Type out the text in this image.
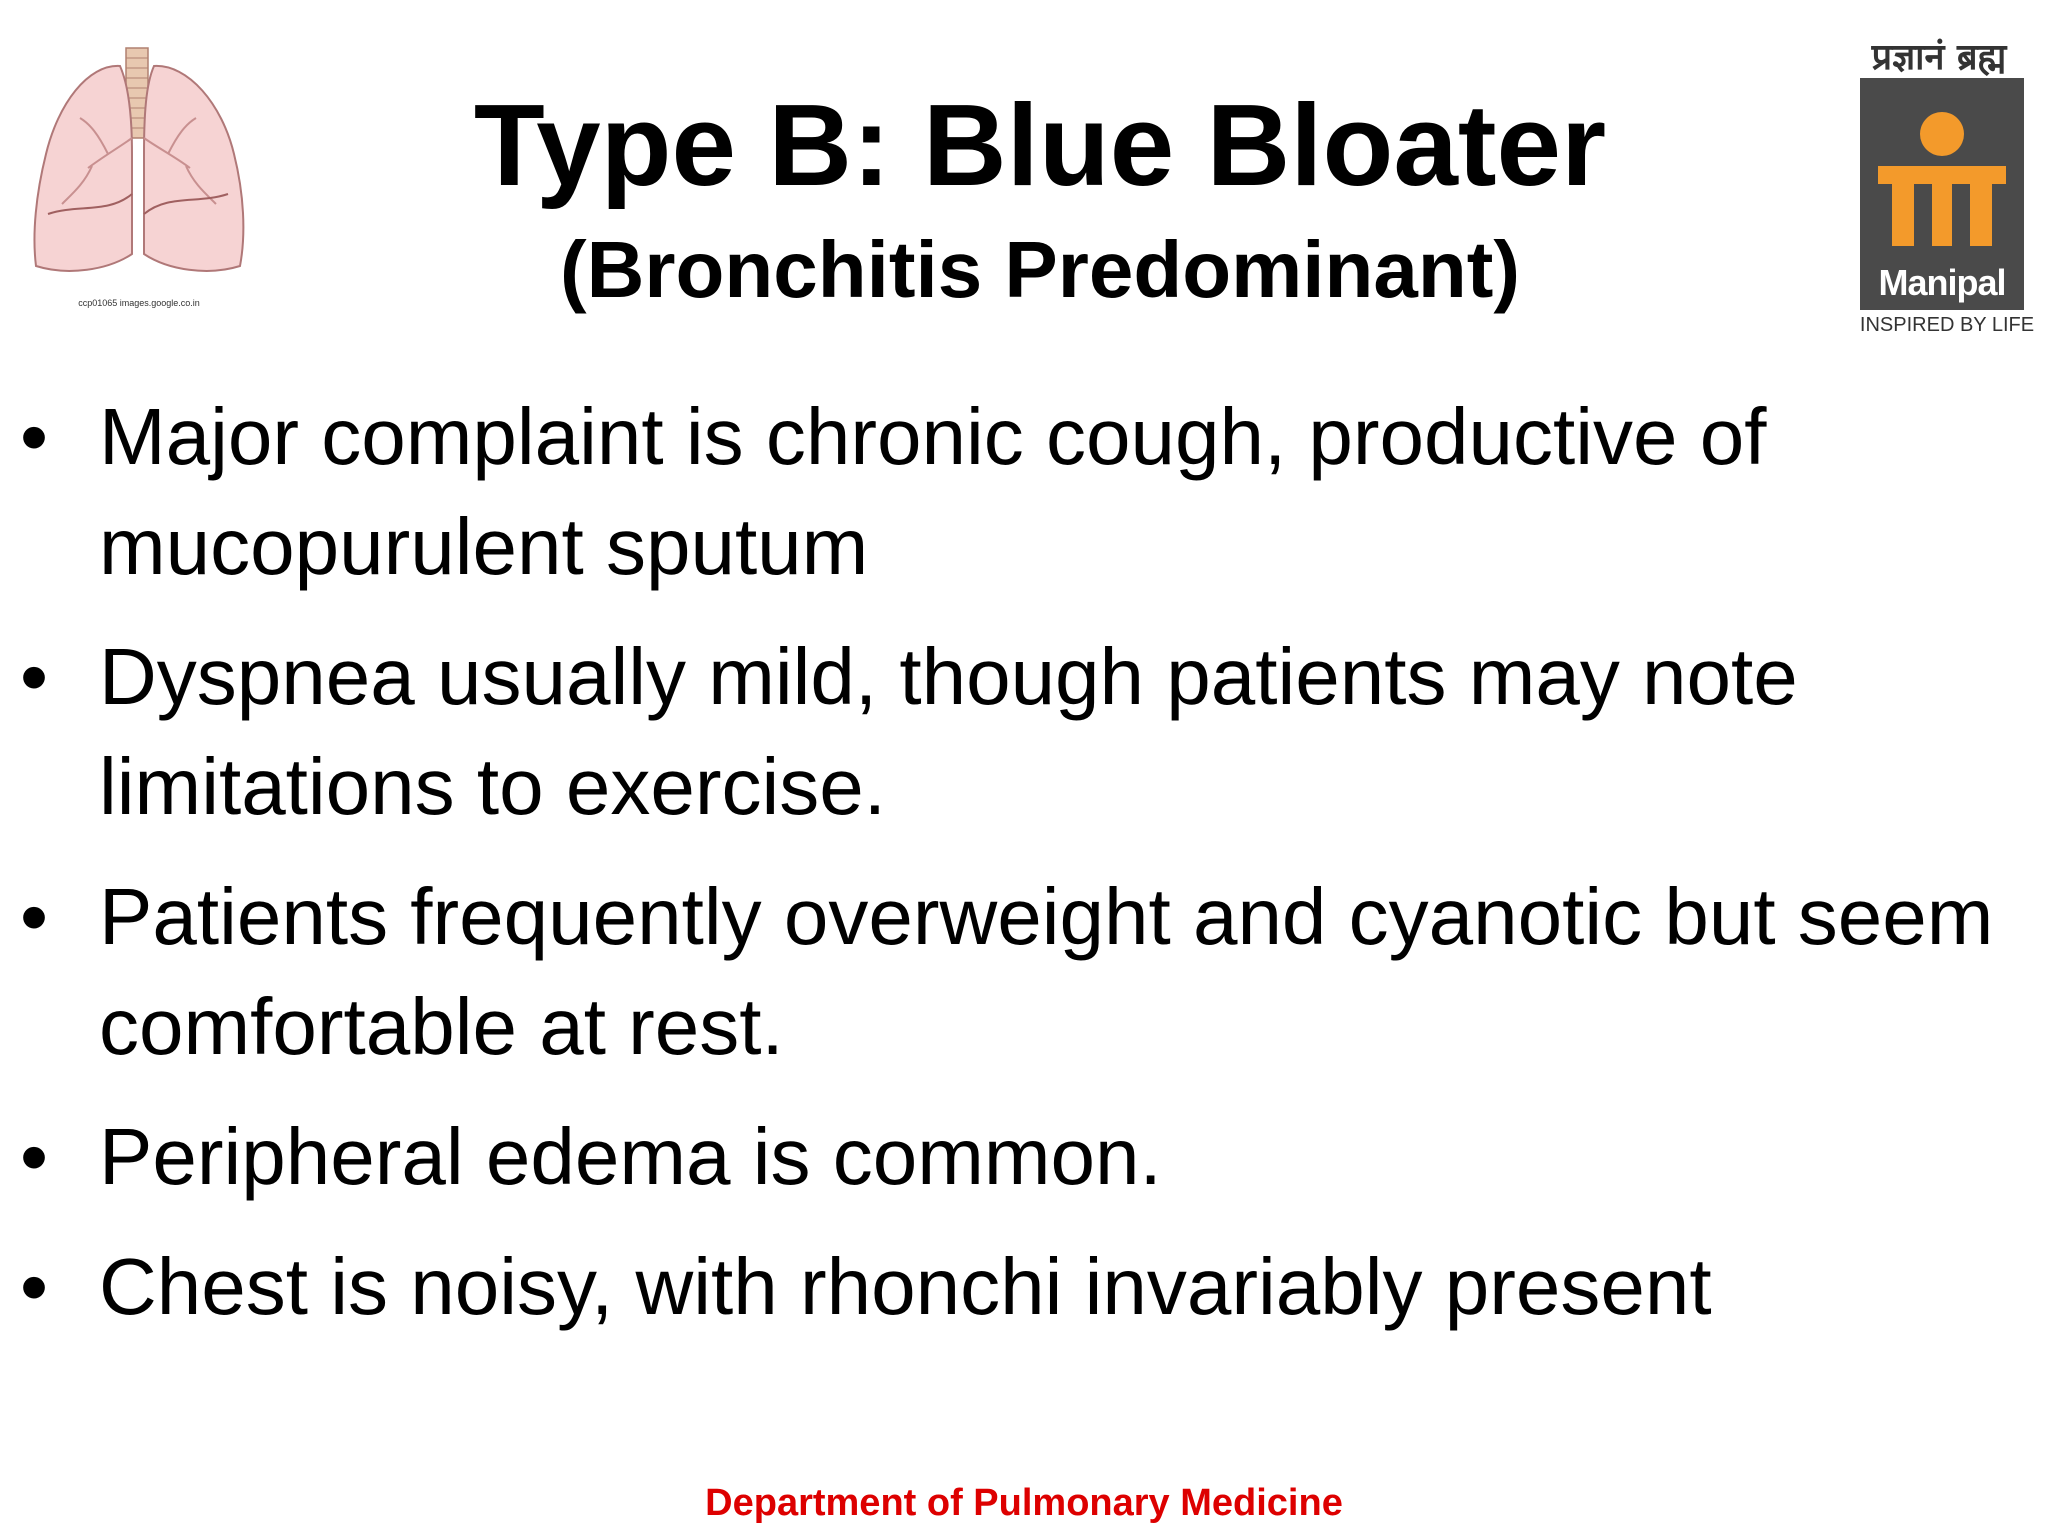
ccp01065 images.google.co.in
प्रज्ञानं ब्रह्म
Manipal
INSPIRED BY LIFE
Type B: Blue Bloater
(Bronchitis Predominant)
• Major complaint is chronic cough, productive of mucopurulent sputum
• Dyspnea usually mild, though patients may note limitations to exercise.
• Patients frequently overweight and cyanotic but seem comfortable at rest.
• Peripheral edema is common.
• Chest is noisy, with rhonchi invariably present
Department of Pulmonary Medicine
